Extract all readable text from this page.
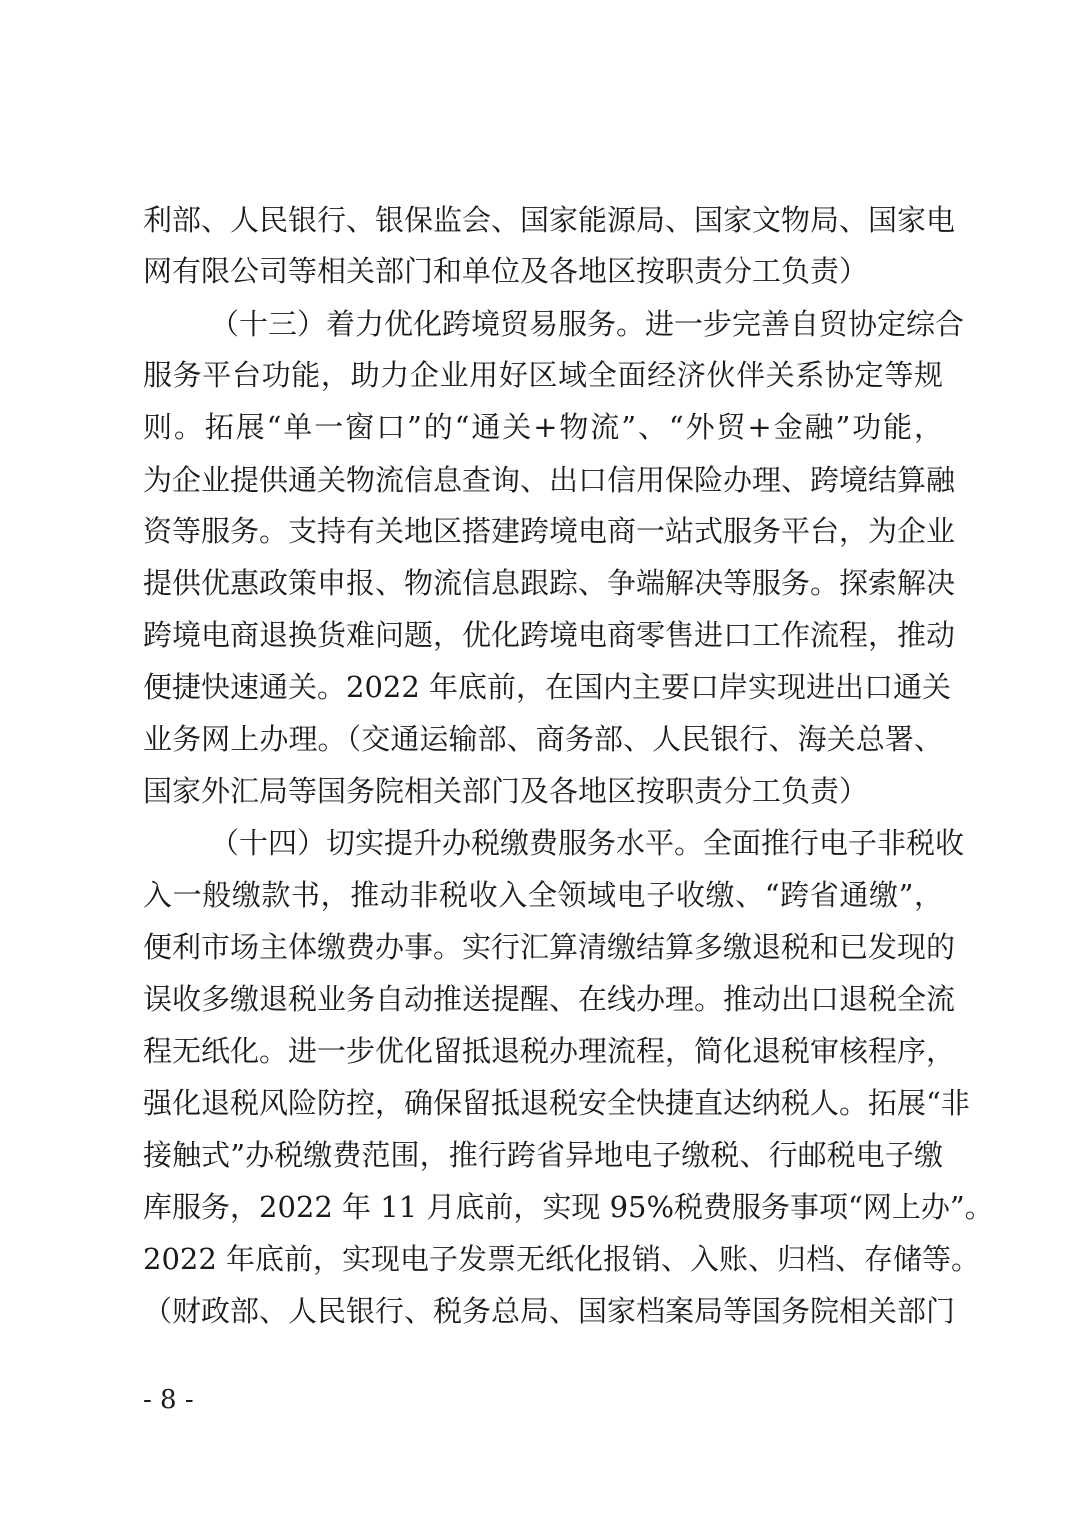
利部、人民银行、银保监会、国家能源局、国家文物局、国家电
网有限公司等相关部门和单位及各地区按职责分工负责）
（十三）着力优化跨境贸易服务。进一步完善自贸协定综合
服务平台功能，助力企业用好区域全面经济伙伴关系协定等规
则。拓展“单一窗口”的“通关+物流”、“外贸+金融”功能，
为企业提供通关物流信息查询、出口信用保险办理、跨境结算融
资等服务。支持有关地区搭建跨境电商一站式服务平台，为企业
提供优惠政策申报、物流信息跟踪、争端解决等服务。探索解决
跨境电商退换货难问题，优化跨境电商零售进口工作流程，推动
便捷快速通关。2022 年底前，在国内主要口岸实现进出口通关
业务网上办理。（交通运输部、商务部、人民银行、海关总署、
国家外汇局等国务院相关部门及各地区按职责分工负责）
（十四）切实提升办税缴费服务水平。全面推行电子非税收
入一般缴款书，推动非税收入全领域电子收缴、“跨省通缴”，
便利市场主体缴费办事。实行汇算清缴结算多缴退税和已发现的
误收多缴退税业务自动推送提醒、在线办理。推动出口退税全流
程无纸化。进一步优化留抵退税办理流程，简化退税审核程序，
强化退税风险防控，确保留抵退税安全快捷直达纳税人。拓展“非
接触式”办税缴费范围，推行跨省异地电子缴税、行邮税电子缴
库服务，2022 年 11 月底前，实现 95%税费服务事项“网上办”。
2022 年底前，实现电子发票无纸化报销、入账、归档、存储等。
（财政部、人民银行、税务总局、国家档案局等国务院相关部门
- 8 -
